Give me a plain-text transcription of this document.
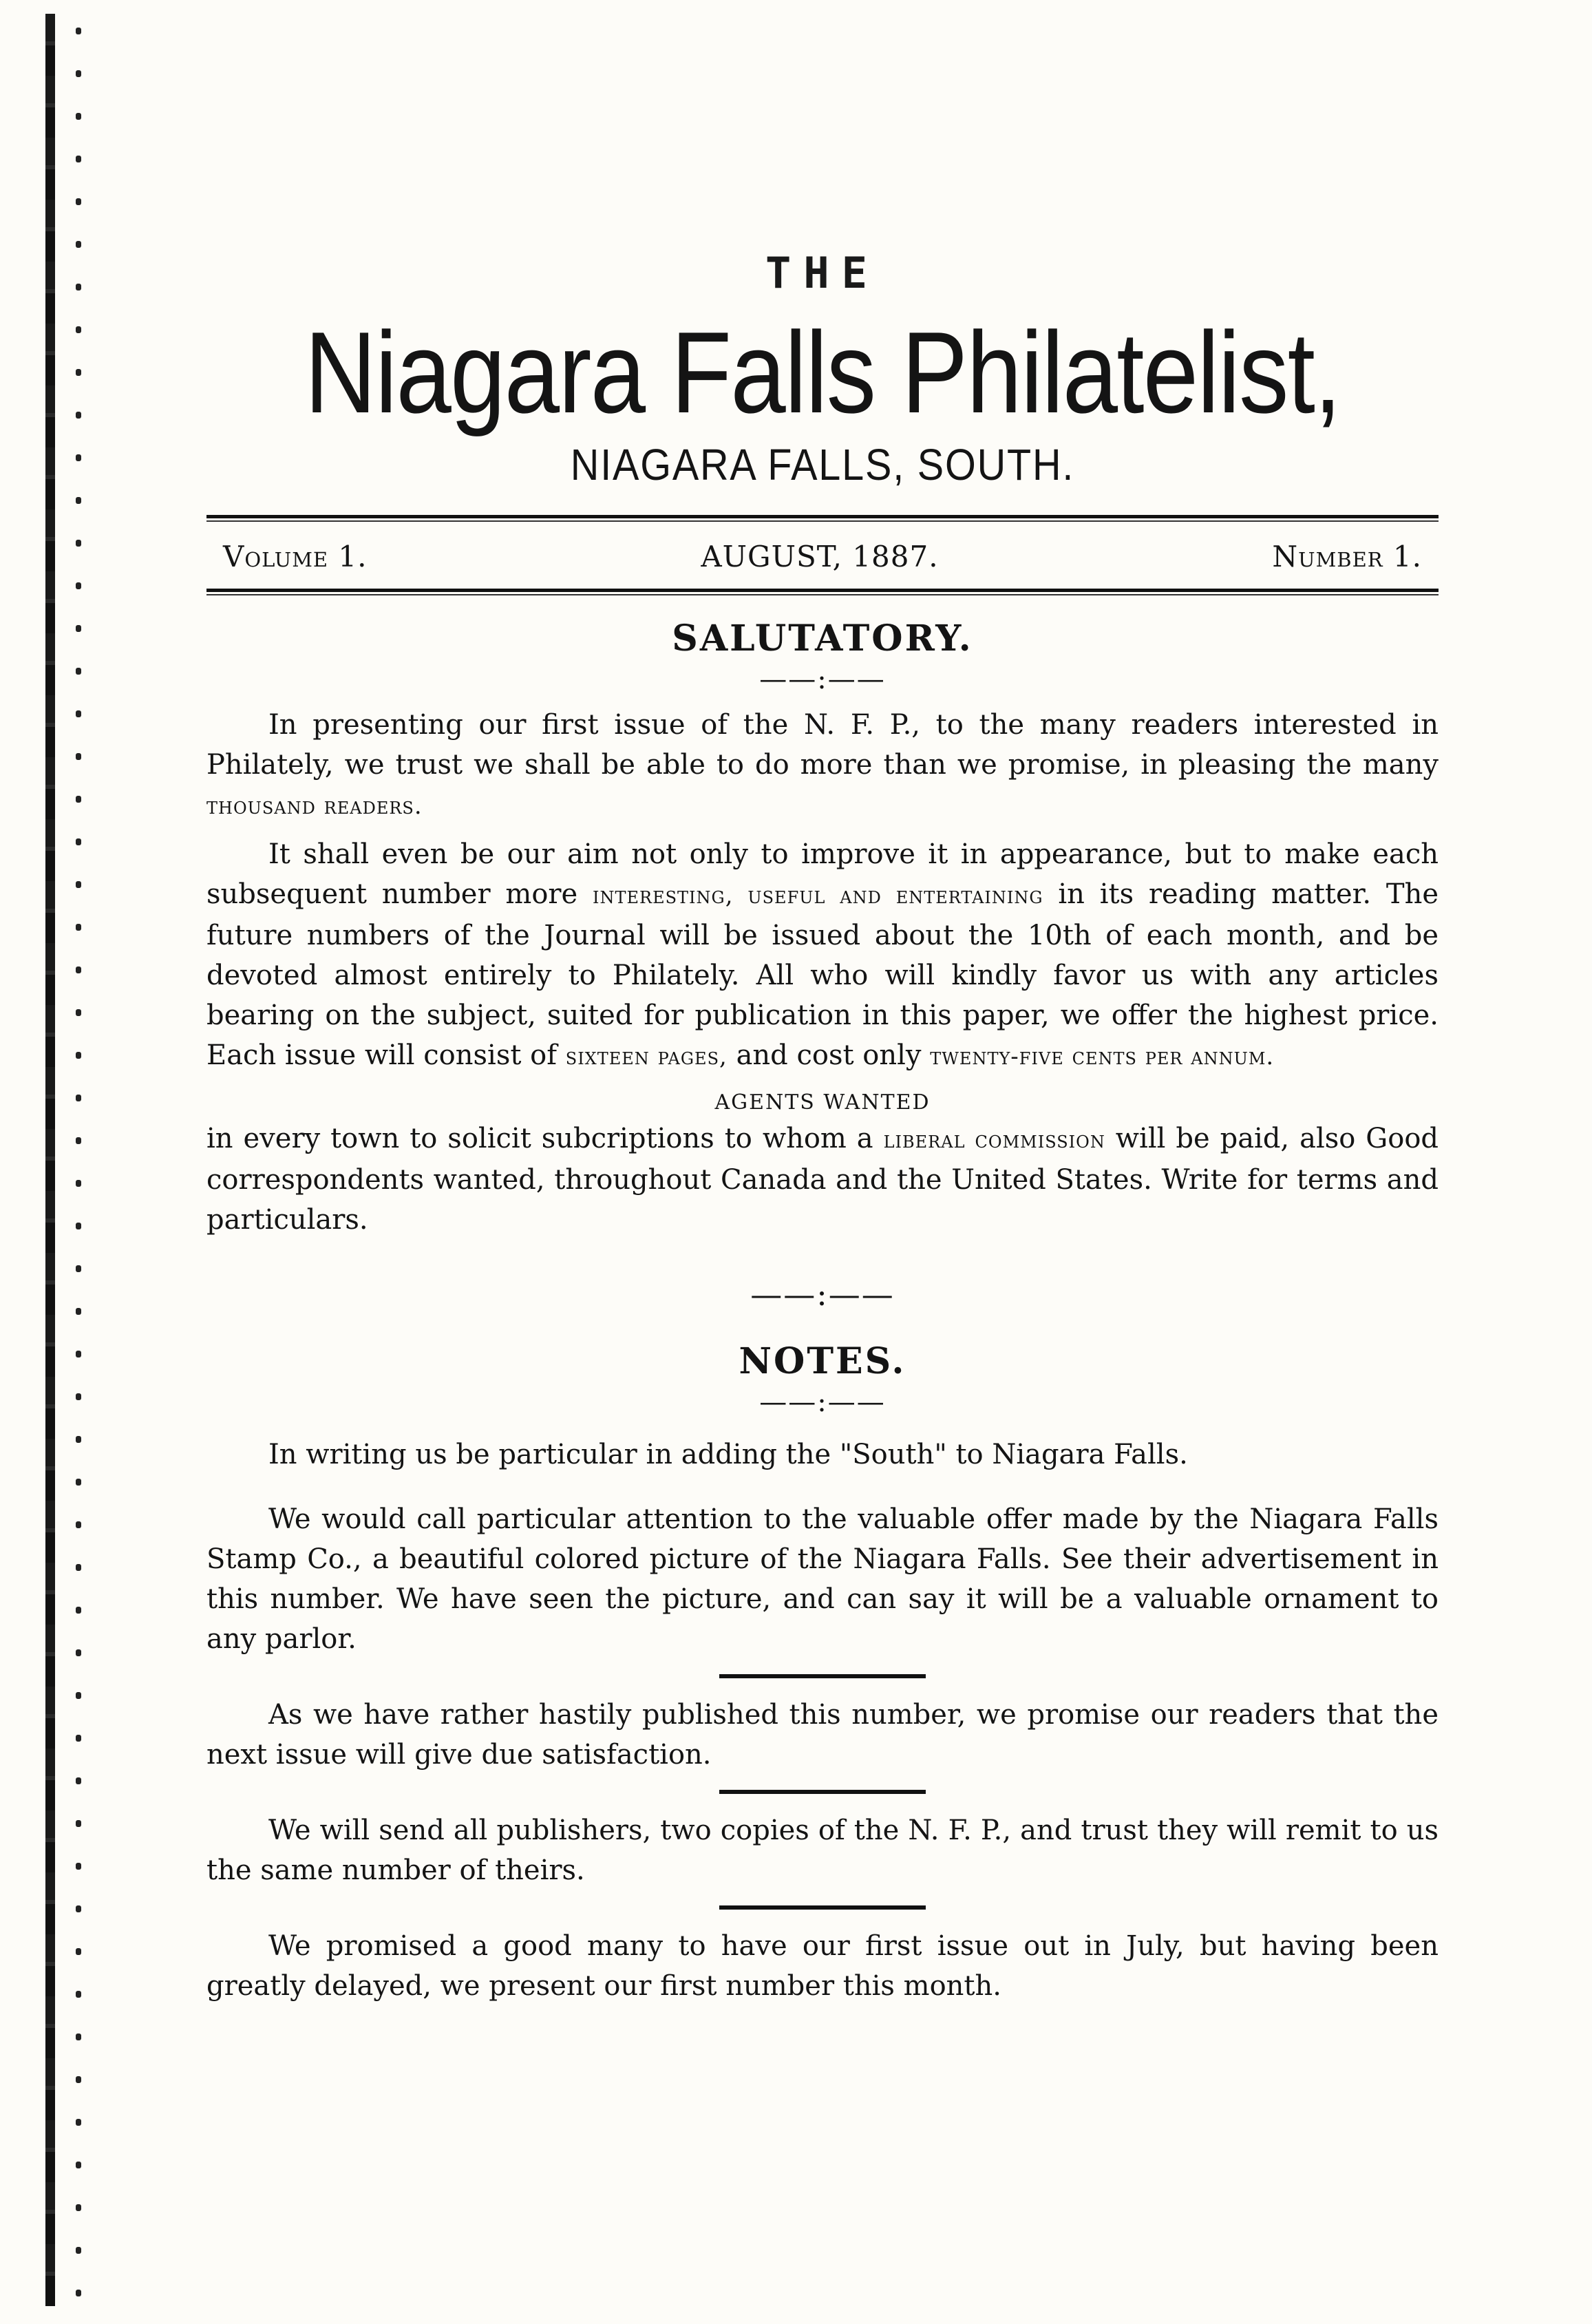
THE
Niagara Falls Philatelist,
NIAGARA FALLS, SOUTH.
Volume 1.	AUGUST, 1887.	Number 1.
SALUTATORY.
——:——

In presenting our first issue of the N. F. P., to the many readers interested in Philately, we trust we shall be able to do more than we promise, in pleasing the many thousand readers.

It shall even be our aim not only to improve it in appearance, but to make each subsequent number more interesting, useful and entertaining in its reading matter. The future numbers of the Journal will be issued about the 10th of each month, and be devoted almost entirely to Philately. All who will kindly favor us with any articles bearing on the subject, suited for publication in this paper, we offer the highest price. Each issue will consist of sixteen pages, and cost only twenty-five cents per annum.

AGENTS WANTED

in every town to solicit subcriptions to whom a liberal commission will be paid, also Good correspondents wanted, throughout Canada and the United States. Write for terms and particulars.

——:——
NOTES.
——:——

In writing us be particular in adding the "South" to Niagara Falls.

We would call particular attention to the valuable offer made by the Niagara Falls Stamp Co., a beautiful colored picture of the Niagara Falls. See their advertisement in this number. We have seen the picture, and can say it will be a valuable ornament to any parlor.

As we have rather hastily published this number, we promise our readers that the next issue will give due satisfaction.

We will send all publishers, two copies of the N. F. P., and trust they will remit to us the same number of theirs.

We promised a good many to have our first issue out in July, but having been greatly delayed, we present our first number this month.
